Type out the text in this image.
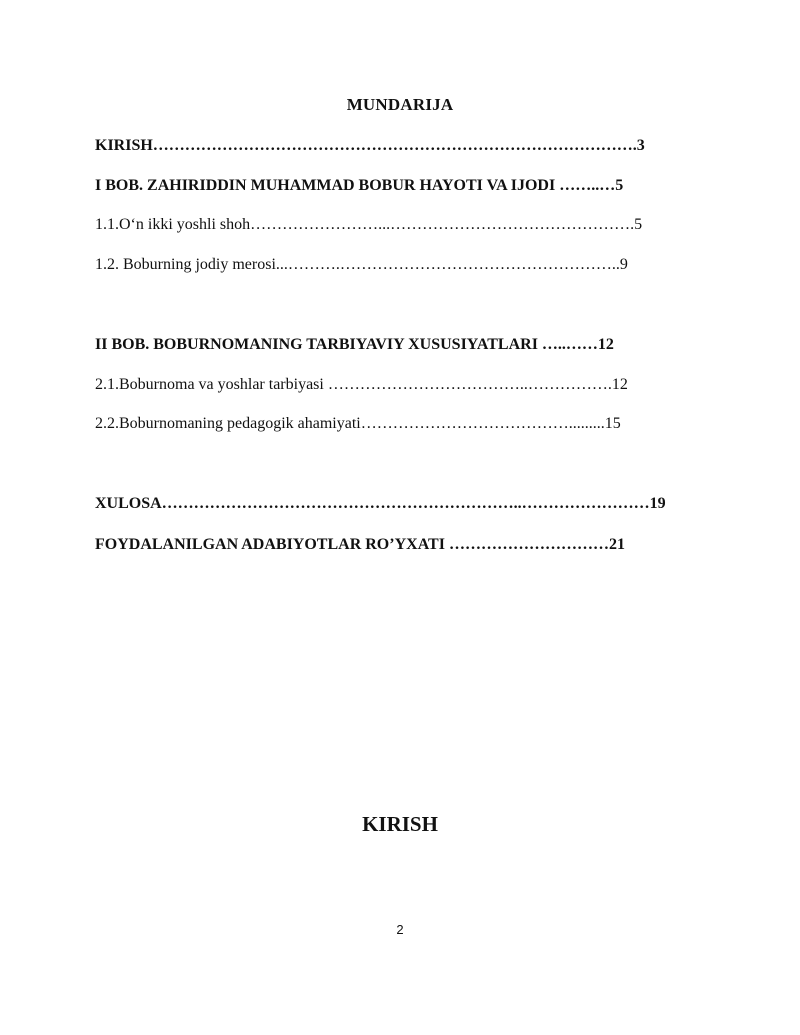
MUNDARIJA
KIRISH……………………………………………………………………………….3
I BOB. ZAHIRIDDIN MUHAMMAD BOBUR HAYOTI VA IJODI ……..…5
1.1.O‘n ikki yoshli shoh……………………...……………………………………….5
1.2. Boburning jodiy merosi...……….……………………………………………..9
II BOB. BOBURNOMANING TARBIYAVIY XUSUSIYATLARI …..……12
2.1.Boburnoma va yoshlar tarbiyasi ………………………………..…………….12
2.2.Boburnomaning pedagogik ahamiyati………………………………….........15
XULOSA…………………………………………………………..……………………19
FOYDALANILGAN ADABIYOTLAR RO’YXATI …………………………21
KIRISH
2
